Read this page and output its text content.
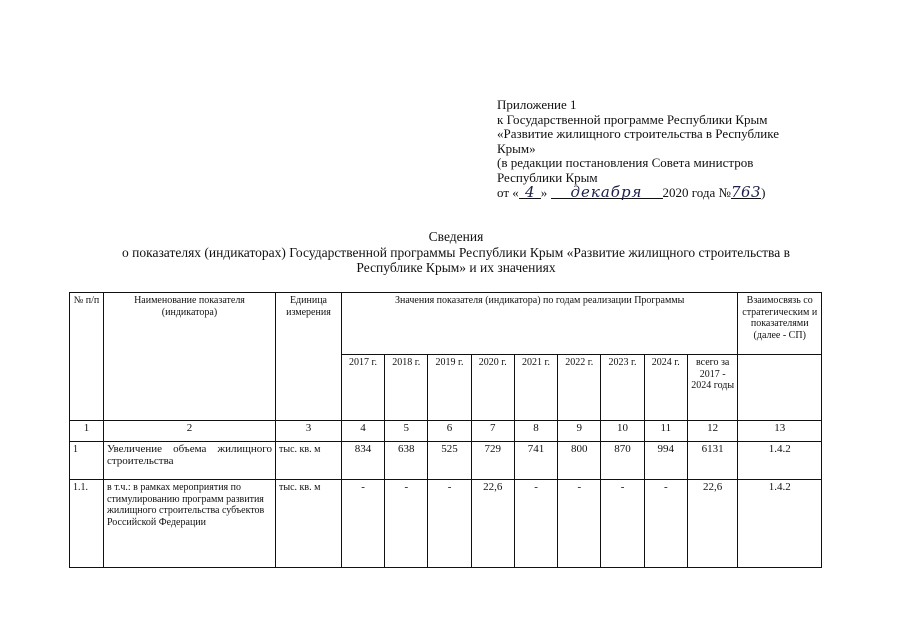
Приложение 1
к Государственной программе Республики Крым
«Развитие жилищного строительства в Республике
Крым»
(в редакции постановления Совета министров
Республики Крым
от « 4 » декабря 2020 года №763)
Сведения
о показателях (индикаторах) Государственной программы Республики Крым «Развитие жилищного строительства в
Республике Крым» и их значениях
№ п/п	Наименование показателя (индикатора)	Единица измерения	Значения показателя (индикатора) по годам реализации Программы									Взаимосвязь со стратегическим и показателями (далее - СП)
			2017 г.	2018 г.	2019 г.	2020 г.	2021 г.	2022 г.	2023 г.	2024 г.	всего за 2017 - 2024 годы	
1	2	3	4	5	6	7	8	9	10	11	12	13
1	Увеличение объема жилищного строительства	тыс. кв. м	834	638	525	729	741	800	870	994	6131	1.4.2
1.1.	в т.ч.: в рамках мероприятия по стимулированию программ развития жилищного строительства субъектов Российской Федерации	тыс. кв. м	-	-	-	22,6	-	-	-	-	22,6	1.4.2
